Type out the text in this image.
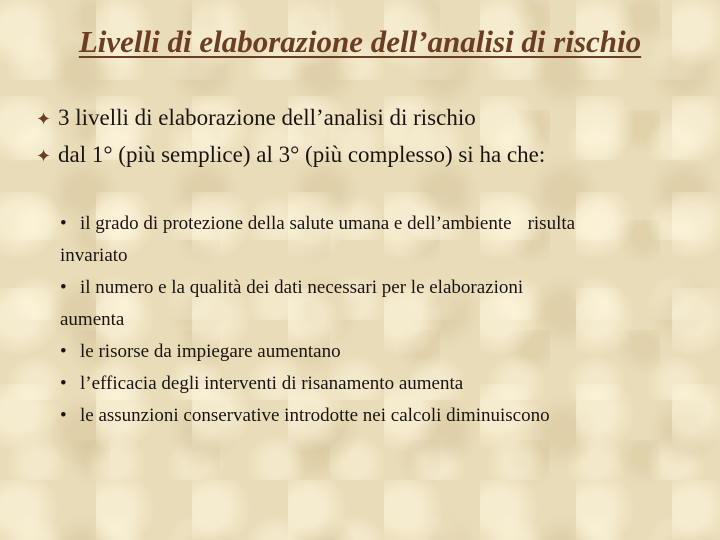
Livelli di elaborazione dell’analisi di rischio
✦ 3 livelli di elaborazione dell’analisi di rischio
✦ dal 1° (più semplice) al 3° (più complesso) si ha che:
• il grado di protezione della salute umana e dell’ambiente risulta
invariato
• il numero e la qualità dei dati necessari per le elaborazioni
aumenta
• le risorse da impiegare aumentano
• l’efficacia degli interventi di risanamento aumenta
• le assunzioni conservative introdotte nei calcoli diminuiscono
